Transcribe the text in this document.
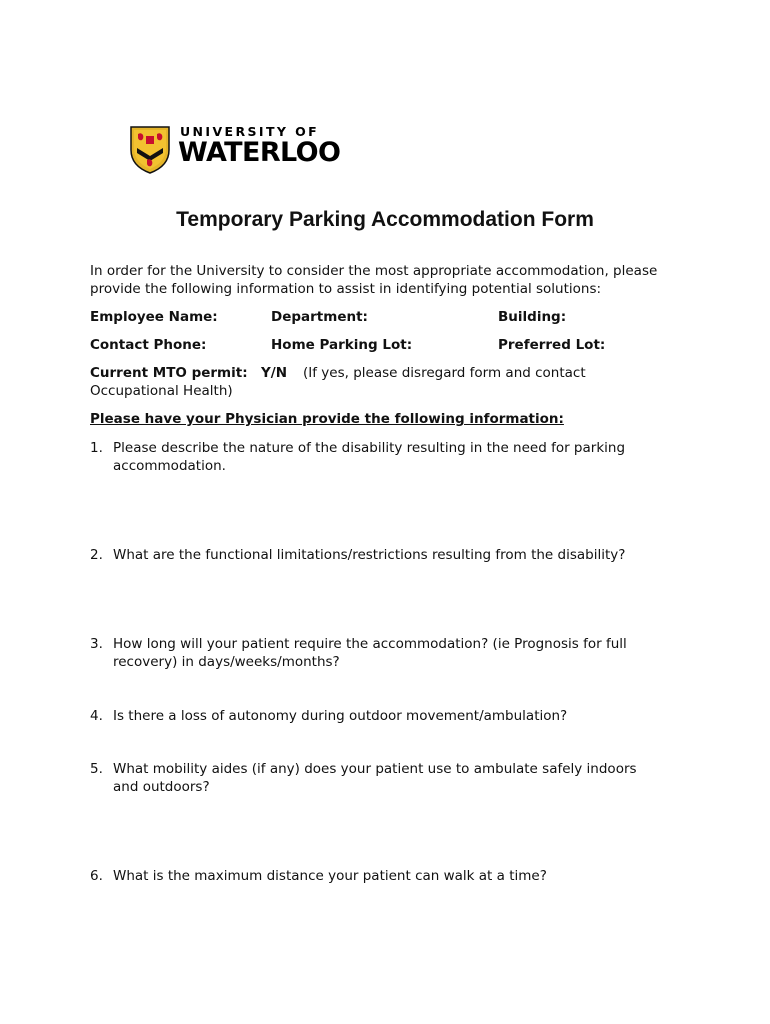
UNIVERSITY OF
WATERLOO
Temporary Parking Accommodation Form
In order for the University to consider the most appropriate accommodation, please
provide the following information to assist in identifying potential solutions:
Employee Name:	Department:	Building:
Contact Phone:	Home Parking Lot:	Preferred Lot:
Current MTO permit: Y/N (If yes, please disregard form and contact
Occupational Health)
Please have your Physician provide the following information:
1. Please describe the nature of the disability resulting in the need for parking
accommodation.
_______________________________________________________________________
_______________________________________________________________________
__
2. What are the functional limitations/restrictions resulting from the disability?
_______________________________________________________________________
_______________________________________________________________________
__
3. How long will your patient require the accommodation? (ie Prognosis for full
recovery) in days/weeks/months?
________________________________________________________
4. Is there a loss of autonomy during outdoor movement/ambulation?
_______________________
5. What mobility aides (if any) does your patient use to ambulate safely indoors
and outdoors?
_______________________________________________________________________
_______________________________________________________________________
__
6. What is the maximum distance your patient can walk at a time?
_________________________
